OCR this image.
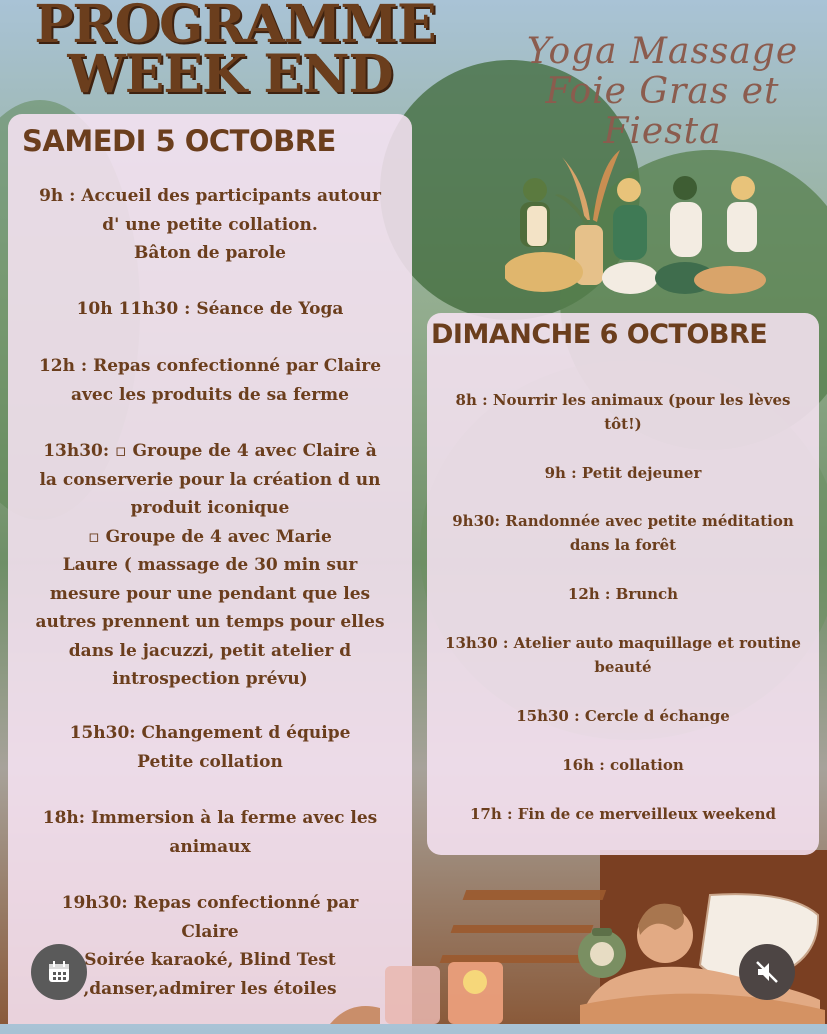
PROGRAMME
WEEK END	Yoga Massage
Foie Gras et
Fiesta
SAMEDI 5 OCTOBRE
9h : Accueil des participants autour
d' une petite collation.
Bâton de parole
10h 11h30 : Séance de Yoga
12h : Repas confectionné par Claire
avec les produits de sa ferme
13h30: ▫ Groupe de 4 avec Claire à
la conserverie pour la création d un
produit iconique
▫ Groupe de 4 avec Marie
Laure ( massage de 30 min sur
mesure pour une pendant que les
autres prennent un temps pour elles
dans le jacuzzi, petit atelier d
introspection prévu)
15h30: Changement d équipe
Petite collation
18h: Immersion à la ferme avec les
animaux
19h30: Repas confectionné par
Claire
Soirée karaoké, Blind Test
,danser,admirer les étoiles
DIMANCHE 6 OCTOBRE
8h : Nourrir les animaux (pour les lèves
tôt!)
9h : Petit dejeuner
9h30: Randonnée avec petite méditation
dans la forêt
12h : Brunch
13h30 : Atelier auto maquillage et routine
beauté
15h30 : Cercle d échange
16h : collation
17h : Fin de ce merveilleux weekend
